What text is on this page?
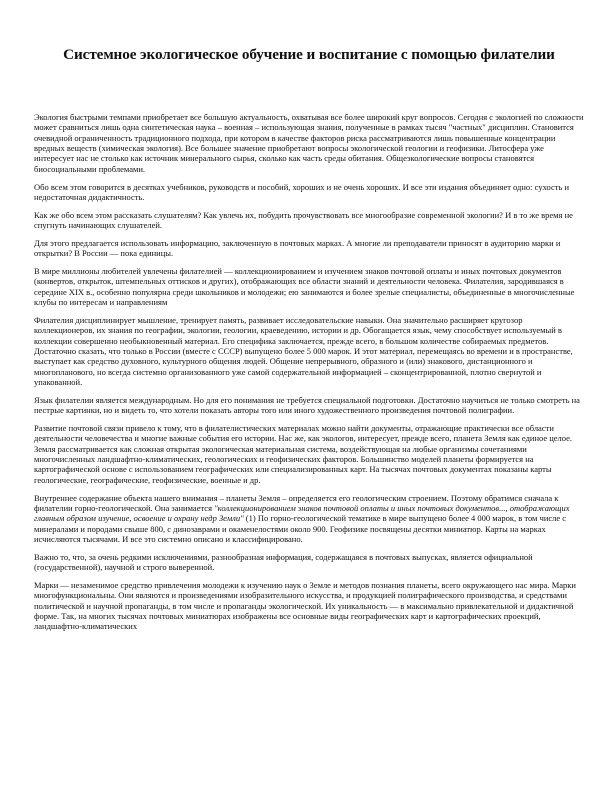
Системное экологическое обучение и воспитание с помощью филателии

Экология быстрыми темпами приобретает все большую актуальность, охватывая все более широкий круг вопросов. Сегодня с экологией по сложности может сравниться лишь одна синтетическая наука – военная – использующая знания, полученные в рамках тысяч "частных" дисциплин. Становится очевидной ограниченность традиционного подхода, при котором в качестве факторов риска рассматриваются лишь повышенные концентрации вредных веществ (химическая экология). Все большее значение приобретают вопросы экологической геологии и геофизики. Литосфера уже интересует нас не столько как источник минерального сырья, сколько как часть среды обитания. Общеэкологические вопросы становятся биосоциальными проблемами.

Обо всем этом говорится в десятках учебников, руководств и пособий, хороших и не очень хороших. И все эти издания объединяет одно: сухость и недостаточная дидактичность.

Как же обо всем этом рассказать слушателям? Как увлечь их, побудить прочувствовать все многообразие современной экологии? И в то же время не спугнуть начинающих слушателей.

Для этого предлагается использовать информацию, заключенную в почтовых марках. А многие ли преподаватели приносят в аудиторию марки и открытки? В России — пока единицы.

В мире миллионы любителей увлечены филателией — коллекционированием и изучением знаков почтовой оплаты и иных почтовых документов (конвертов, открыток, штемпельных оттисков и других), отображающих все области знаний и деятельности человека. Филателия, зародившаяся в середине XIX в., особенно популярна среди школьников и молодежи; ею занимаются и более зрелые специалисты, объединенные в многочисленные клубы по интересам и направлениям

Филателия дисциплинирует мышление, тренирует память, развивает исследовательские навыки. Она значительно расширяет кругозор коллекционеров, их знания по географии, экологии, геологии, краеведению, истории и др. Обогащается язык, чему способствует используемый в коллекции совершенно необыкновенный материал. Его специфика заключается, прежде всего, в большом количестве собираемых предметов. Достаточно сказать, что только в России (вместе с СССР) выпущено более 5 000 марок. И этот материал, перемещаясь во времени и в пространстве, выступает как средство духовного, культурного общения людей. Общение непрерывного, образного и (или) знакового, дистанционного и многопланового, но всегда системно организованного уже самой содержательной информацией – сконцентрированной, плотно свернутой и упакованной.

Язык филателии является международным. Но для его понимания не требуется специальной подготовки. Достаточно научиться не только смотреть на пестрые картинки, но и видеть то, что хотели показать авторы того или иного художественного произведения почтовой полиграфии.

Развитие почтовой связи привело к тому, что в филателистических материалах можно найти документы, отражающие практически все области деятельности человечества и многие важные события его истории. Нас же, как экологов, интересует, прежде всего, планета Земля как единое целое. Земля рассматривается как сложная открытая экологическая материальная система, воздействующая на любые организмы сочетаниями многочисленных ландшафтно-климатических, геологических и геофизических факторов. Большинство моделей планеты формируется на картографической основе с использованием географических или специализированных карт. На тысячах почтовых документах показаны карты геологические, географические, геофизические, военные и др.

Внутреннее содержание объекта нашего внимания – планеты Земля – определяется его геологическим строением. Поэтому обратимся сначала к филателии горно-геологической. Она занимается "коллекционированием знаков почтовой оплаты и иных почтовых документов..., отображающих главным образом изучение, освоение и охрану недр Земли" (1) По горно-геологической тематике в мире выпущено более 4 000 марок, в том числе с минералами и породами свыше 800, с динозаврами и окаменелостями около 900. Геофизике посвящены десятки миниатюр. Карты на марках исчисляются тысячами. И все это системно описано и классифицировано.

Важно то, что, за очень редкими исключениями, разнообразная информация, содержащаяся в почтовых выпусках, является официальной (государственной), научной и строго выверенной.

Марки — незаменимое средство привлечения молодежи к изучению наук о Земле и методов познания планеты, всего окружающего нас мира. Марки многофункциональны. Они являются и произведениями изобразительного искусства, и продукцией полиграфического производства, и средствами политической и научной пропаганды, в том числе и пропаганды экологической. Их уникальность — в максимально привлекательной и дидактичной форме. Так, на многих тысячах почтовых миниатюрах изображены все основные виды географических карт и картографических проекций, ландшафтно-климатических
